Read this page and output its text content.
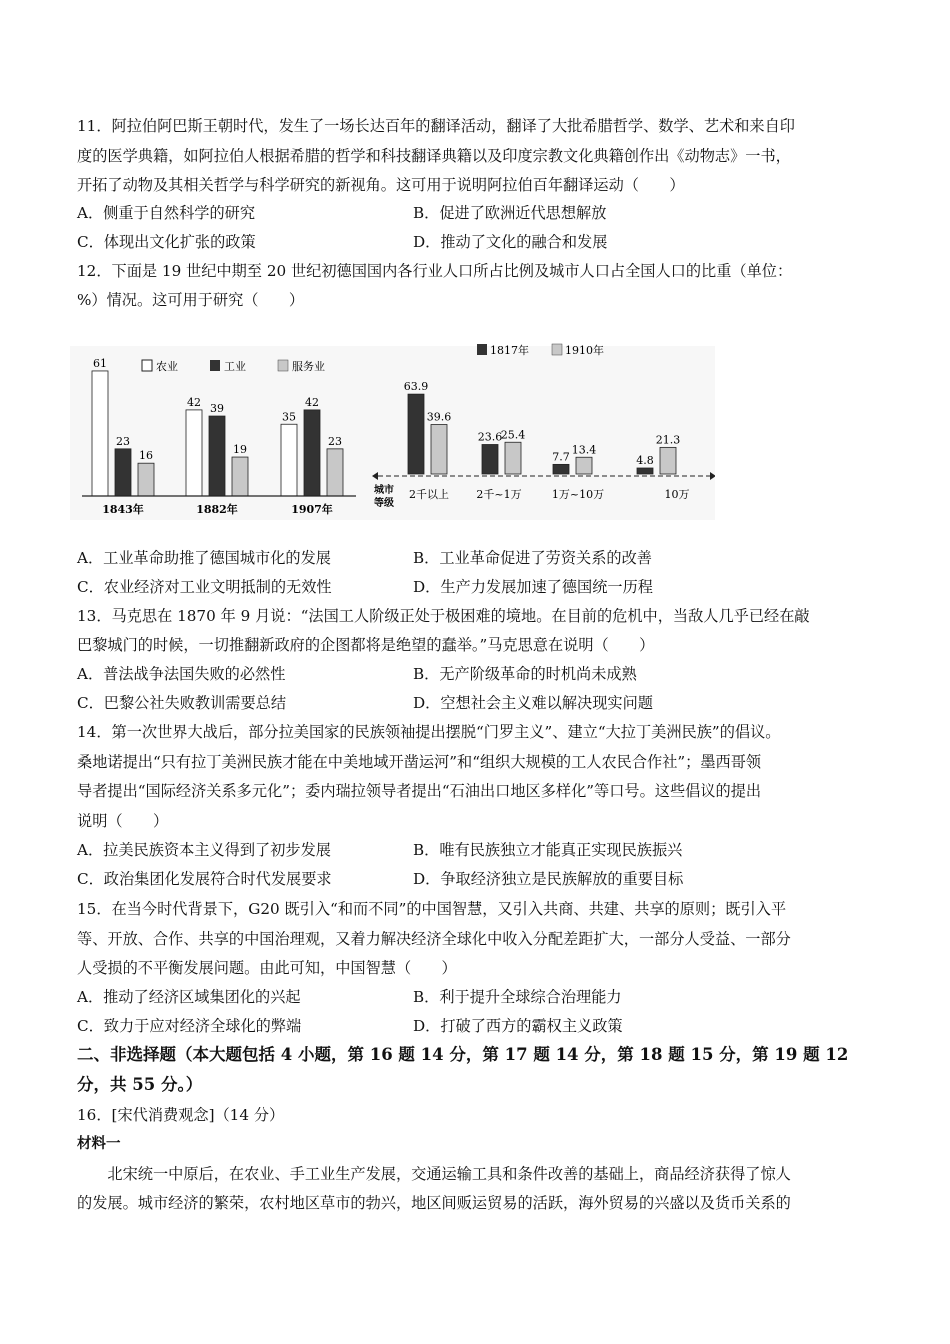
11．阿拉伯阿巴斯王朝时代，发生了一场长达百年的翻译活动，翻译了大批希腊哲学、数学、艺术和来自印
度的医学典籍，如阿拉伯人根据希腊的哲学和科技翻译典籍以及印度宗教文化典籍创作出《动物志》一书，
开拓了动物及其相关哲学与科学研究的新视角。这可用于说明阿拉伯百年翻译运动（　　）
A．侧重于自然科学的研究	B．促进了欧洲近代思想解放
C．体现出文化扩张的政策	D．推动了文化的融合和发展
12．下面是 19 世纪中期至 20 世纪初德国国内各行业人口所占比例及城市人口占全国人口的比重（单位：
%）情况。这可用于研究（　　）
农业	工业	服务业
61
23
16
1843年
42 39
19
1882年
35
42
23
1907年
1817年	1910年
63.9
39.6
2千以上
23.6
25.4
2千~1万
7.7
13.4
1万~10万
4.8
21.3
10万
城市
等级
A．工业革命助推了德国城市化的发展	B．工业革命促进了劳资关系的改善
C．农业经济对工业文明抵制的无效性	D．生产力发展加速了德国统一历程
13．马克思在 1870 年 9 月说：“法国工人阶级正处于极困难的境地。在目前的危机中，当敌人几乎已经在敲
巴黎城门的时候，一切推翻新政府的企图都将是绝望的蠢举。”马克思意在说明（　　）
A．普法战争法国失败的必然性	B．无产阶级革命的时机尚未成熟
C．巴黎公社失败教训需要总结	D．空想社会主义难以解决现实问题
14．第一次世界大战后，部分拉美国家的民族领袖提出摆脱“门罗主义”、建立“大拉丁美洲民族”的倡议。
桑地诺提出“只有拉丁美洲民族才能在中美地域开凿运河”和“组织大规模的工人农民合作社”；墨西哥领
导者提出“国际经济关系多元化”；委内瑞拉领导者提出“石油出口地区多样化”等口号。这些倡议的提出
说明（　　）
A．拉美民族资本主义得到了初步发展	B．唯有民族独立才能真正实现民族振兴
C．政治集团化发展符合时代发展要求	D．争取经济独立是民族解放的重要目标
15．在当今时代背景下，G20 既引入“和而不同”的中国智慧，又引入共商、共建、共享的原则；既引入平
等、开放、合作、共享的中国治理观，又着力解决经济全球化中收入分配差距扩大，一部分人受益、一部分
人受损的不平衡发展问题。由此可知，中国智慧（　　）
A．推动了经济区域集团化的兴起	B．利于提升全球综合治理能力
C．致力于应对经济全球化的弊端	D．打破了西方的霸权主义政策
二、非选择题（本大题包括 4 小题，第 16 题 14 分，第 17 题 14 分，第 18 题 15 分，第 19 题 12
分，共 55 分。）
16．[宋代消费观念]（14 分）
材料一
　　北宋统一中原后，在农业、手工业生产发展，交通运输工具和条件改善的基础上，商品经济获得了惊人
的发展。城市经济的繁荣，农村地区草市的勃兴，地区间贩运贸易的活跃，海外贸易的兴盛以及货币关系的
